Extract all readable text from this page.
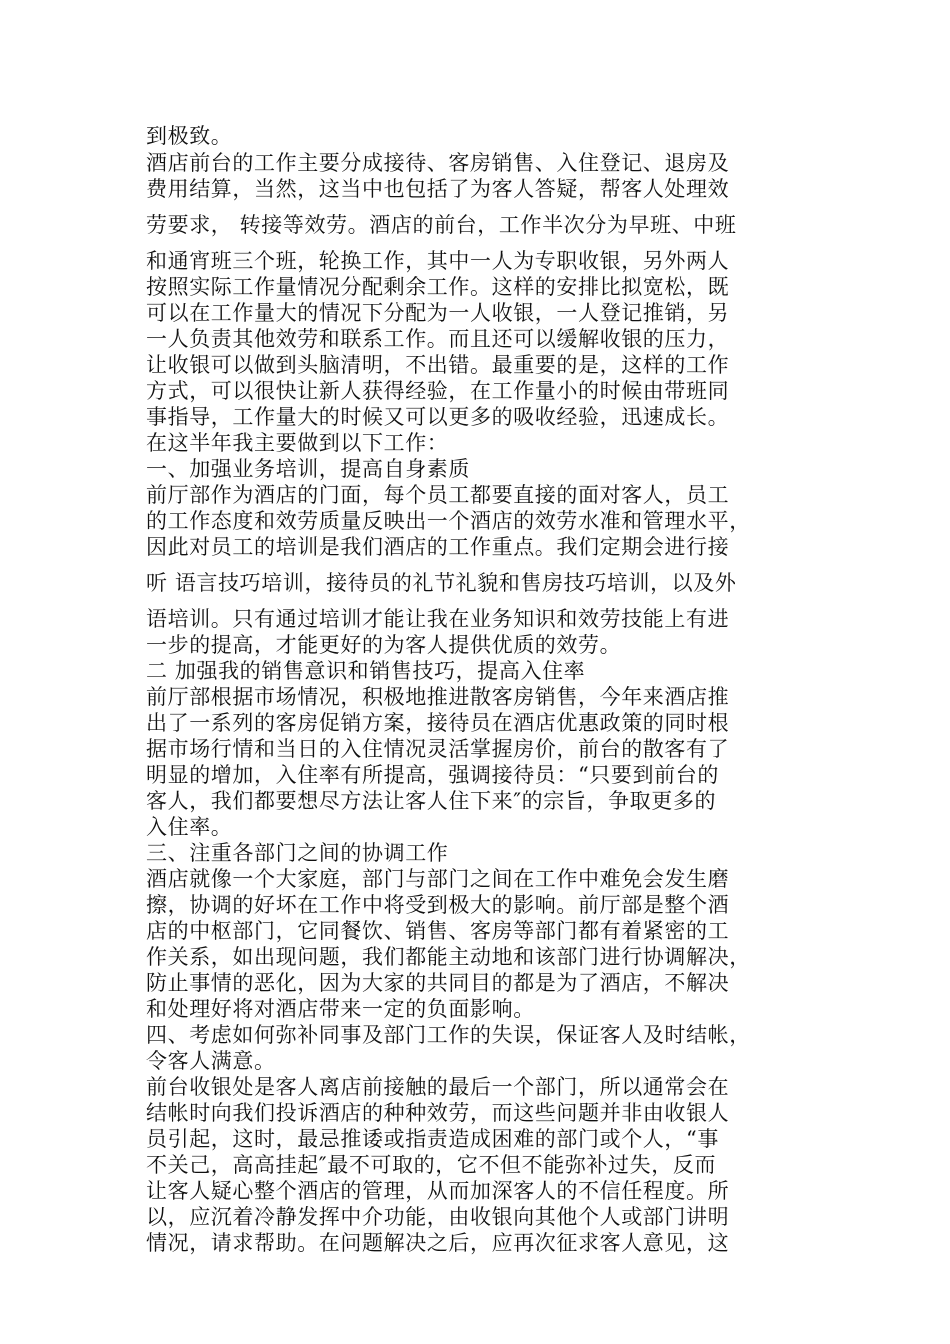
到极致。
酒店前台的工作主要分成接待、客房销售、入住登记、退房及
费用结算，当然，这当中也包括了为客人答疑，帮客人处理效
劳要求， 转接等效劳。酒店的前台，工作半次分为早班、中班
和通宵班三个班，轮换工作，其中一人为专职收银，另外两人
按照实际工作量情况分配剩余工作。这样的安排比拟宽松，既
可以在工作量大的情况下分配为一人收银，一人登记推销，另
一人负责其他效劳和联系工作。而且还可以缓解收银的压力，
让收银可以做到头脑清明，不出错。最重要的是，这样的工作
方式，可以很快让新人获得经验，在工作量小的时候由带班同
事指导，工作量大的时候又可以更多的吸收经验，迅速成长。
在这半年我主要做到以下工作：
一、加强业务培训，提高自身素质
前厅部作为酒店的门面，每个员工都要直接的面对客人，员工
的工作态度和效劳质量反映出一个酒店的效劳水准和管理水平，
因此对员工的培训是我们酒店的工作重点。我们定期会进行接
听 语言技巧培训，接待员的礼节礼貌和售房技巧培训，以及外
语培训。只有通过培训才能让我在业务知识和效劳技能上有进
一步的提高，才能更好的为客人提供优质的效劳。
二 加强我的销售意识和销售技巧，提高入住率
前厅部根据市场情况，积极地推进散客房销售，今年来酒店推
出了一系列的客房促销方案，接待员在酒店优惠政策的同时根
据市场行情和当日的入住情况灵活掌握房价，前台的散客有了
明显的增加，入住率有所提高，强调接待员：“只要到前台的
客人，我们都要想尽方法让客人住下来″的宗旨，争取更多的
入住率。
三、注重各部门之间的协调工作
酒店就像一个大家庭，部门与部门之间在工作中难免会发生磨
擦，协调的好坏在工作中将受到极大的影响。前厅部是整个酒
店的中枢部门，它同餐饮、销售、客房等部门都有着紧密的工
作关系，如出现问题，我们都能主动地和该部门进行协调解决，
防止事情的恶化，因为大家的共同目的都是为了酒店，不解决
和处理好将对酒店带来一定的负面影响。
四、考虑如何弥补同事及部门工作的失误，保证客人及时结帐，
令客人满意。
前台收银处是客人离店前接触的最后一个部门，所以通常会在
结帐时向我们投诉酒店的种种效劳，而这些问题并非由收银人
员引起，这时，最忌推诿或指责造成困难的部门或个人，“事
不关己，高高挂起″最不可取的，它不但不能弥补过失，反而
让客人疑心整个酒店的管理，从而加深客人的不信任程度。所
以，应沉着冷静发挥中介功能，由收银向其他个人或部门讲明
情况，请求帮助。在问题解决之后，应再次征求客人意见，这
